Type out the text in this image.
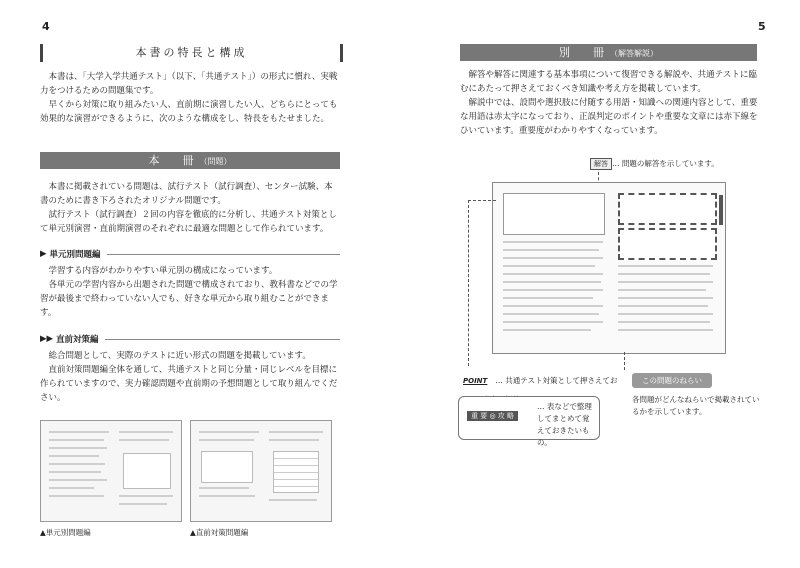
4
本書の特長と構成

本書は、「大学入学共通テスト」（以下、「共通テスト」）の形式に慣れ、実戦力をつけるための問題集です。

早くから対策に取り組みたい人、直前期に演習したい人、どちらにとっても効果的な演習ができるように、次のような構成をし、特長をもたせました。

本　冊（問題）

本書に掲載されている問題は、試行テスト（試行調査）、センター試験、本書のために書き下ろされたオリジナル問題です。

試行テスト（試行調査）２回の内容を徹底的に分析し、共通テスト対策として単元別演習・直前期演習のそれぞれに最適な問題として作られています。

▶ 単元別問題編

学習する内容がわかりやすい単元別の構成になっています。

各単元の学習内容から出題された問題で構成されており、教科書などでの学習が最後まで終わっていない人でも、好きな単元から取り組むことができます。

▶▶ 直前対策編

総合問題として、実際のテストに近い形式の問題を掲載しています。

直前対策問題編全体を通して、共通テストと同じ分量・同じレベルを目標に作られていますので、実力確認問題や直前期の予想問題として取り組んでください。

▲単元別問題編	▲直前対策問題編
5
別　冊（解答解説）

解答や解答に関連する基本事項について復習できる解説や、共通テストに臨むにあたって押さえておくべき知識や考え方を掲載しています。

解説中では、設問や選択肢に付随する用語・知識への関連内容として、重要な用語は赤太字になっており、正誤判定のポイントや重要な文章には赤下線をひいています。重要度がわかりやすくなっています。

解答 … 問題の解答を示しています。
POINT … 共通テスト対策として押さえてお	この問題のねらい
各問題がどんなねらいで掲載されているかを示しています。
重 要 ◎ 攻 略
… 表などで整理してまとめて覚えておきたいもの。
